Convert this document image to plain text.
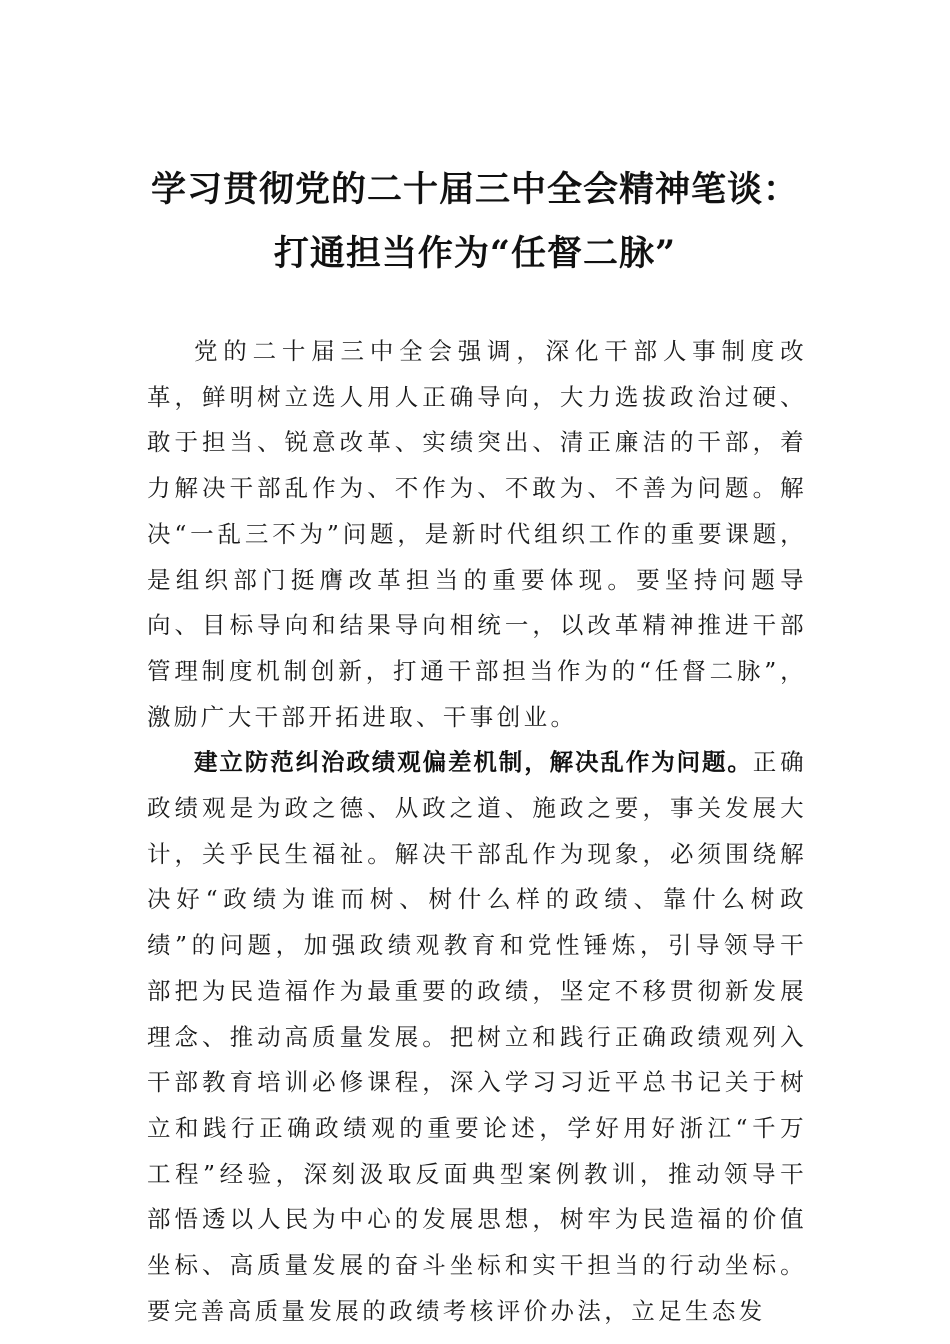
学习贯彻党的二十届三中全会精神笔谈：
打通担当作为“任督二脉”

党的二十届三中全会强调，深化干部人事制度改革，鲜明树立选人用人正确导向，大力选拔政治过硬、敢于担当、锐意改革、实绩突出、清正廉洁的干部，着力解决干部乱作为、不作为、不敢为、不善为问题。解决“一乱三不为”问题，是新时代组织工作的重要课题，是组织部门挺膺改革担当的重要体现。要坚持问题导向、目标导向和结果导向相统一，以改革精神推进干部管理制度机制创新，打通干部担当作为的“任督二脉”，激励广大干部开拓进取、干事创业。

建立防范纠治政绩观偏差机制，解决乱作为问题。正确政绩观是为政之德、从政之道、施政之要，事关发展大计，关乎民生福祉。解决干部乱作为现象，必须围绕解决好“政绩为谁而树、树什么样的政绩、靠什么树政绩”的问题，加强政绩观教育和党性锤炼，引导领导干部把为民造福作为最重要的政绩，坚定不移贯彻新发展理念、推动高质量发展。把树立和践行正确政绩观列入干部教育培训必修课程，深入学习习近平总书记关于树立和践行正确政绩观的重要论述，学好用好浙江“千万工程”经验，深刻汲取反面典型案例教训，推动领导干部悟透以人民为中心的发展思想，树牢为民造福的价值坐标、高质量发展的奋斗坐标和实干担当的行动坐标。要完善高质量发展的政绩考核评价办法，立足生态发
